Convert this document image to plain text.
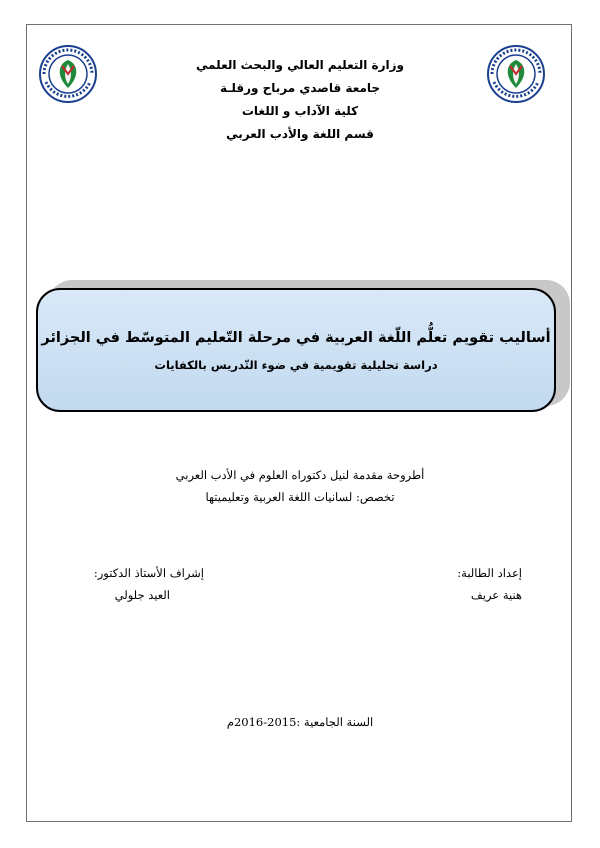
وزارة التعليم العالي والبحث العلمي
جامعة قاصدي مرباح ورقلـة
كلية الآداب و اللغات
قسم اللغة والأدب العربي
أساليب تقويم تعلُّم اللّغة العربية في مرحلة التّعليم المتوسّط في الجزائر
دراسة تحليلية تقويمية في ضوء التّدريس بالكفايات
أطروحة مقدمة لنيل دكتوراه العلوم في الأدب العربي
تخصص: لسانيات اللغة العربية وتعليميتها
إعداد الطالبة:
هنية عريف
إشراف الأستاذ الدكتور:
العيد جلولي
السنة الجامعية :2015-2016م
